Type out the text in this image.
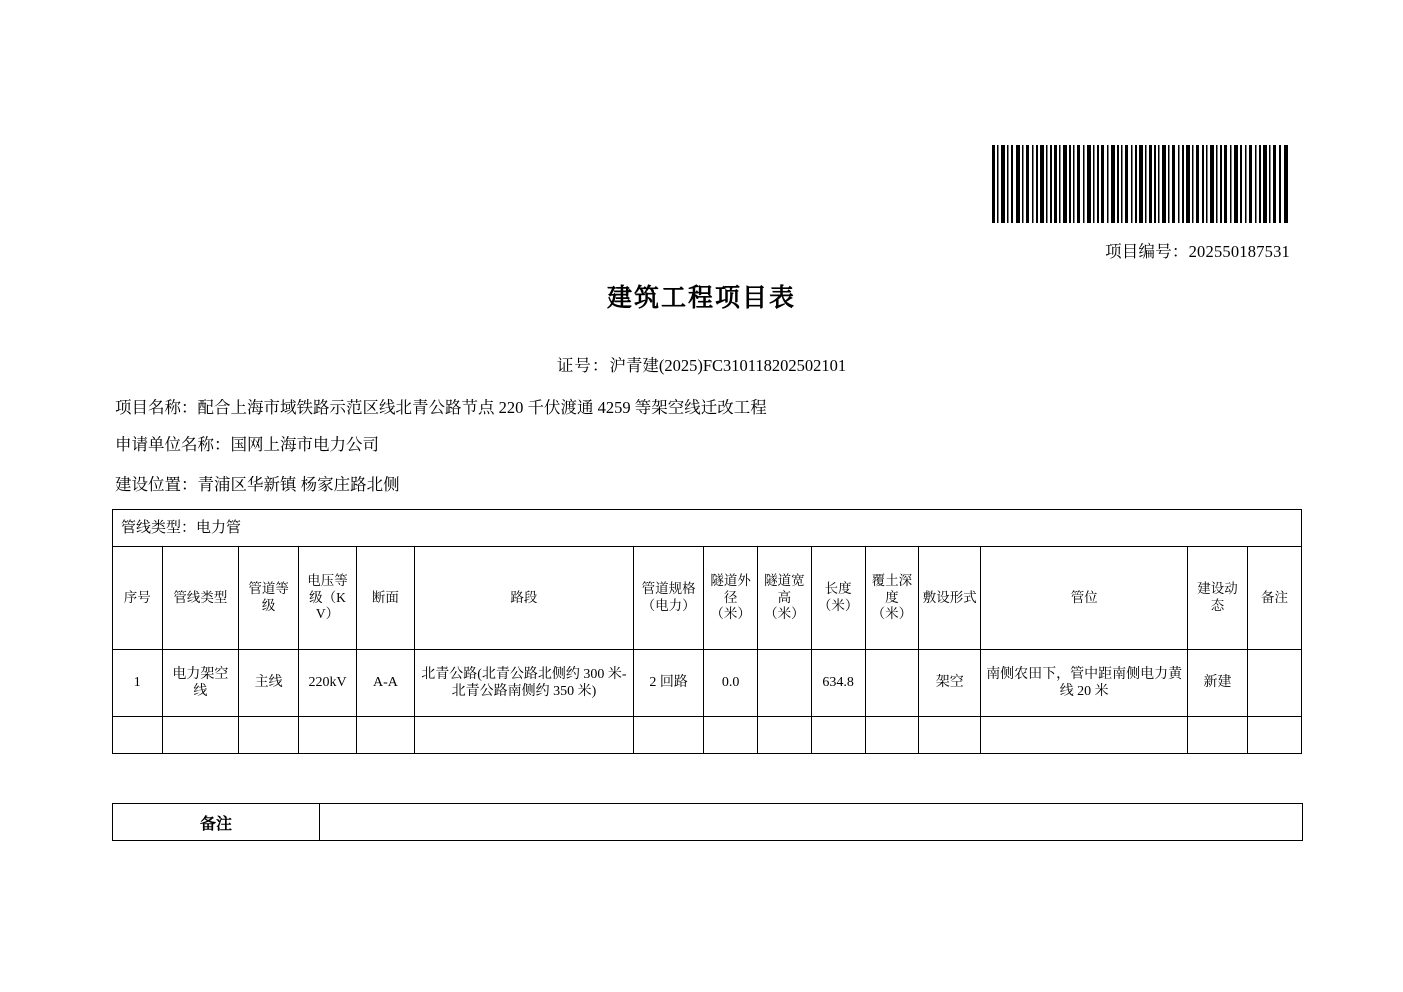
项目编号：202550187531
建筑工程项目表
证号：沪青建(2025)FC310118202502101
项目名称：配合上海市域铁路示范区线北青公路节点 220 千伏渡通 4259 等架空线迁改工程
申请单位名称：国网上海市电力公司
建设位置：青浦区华新镇 杨家庄路北侧
管线类型：电力管														
序号	管线类型	管道等级	电压等级（KV）	断面	路段	管道规格（电力）	隧道外径（米）	隧道宽高（米）	长度（米）	覆土深度（米）	敷设形式	管位	建设动态	备注
1	电力架空线	主线	220kV	A-A	北青公路(北青公路北侧约 300 米-北青公路南侧约 350 米)	2 回路	0.0		634.8		架空	南侧农田下，管中距南侧电力黄线 20 米	新建	

备注	
